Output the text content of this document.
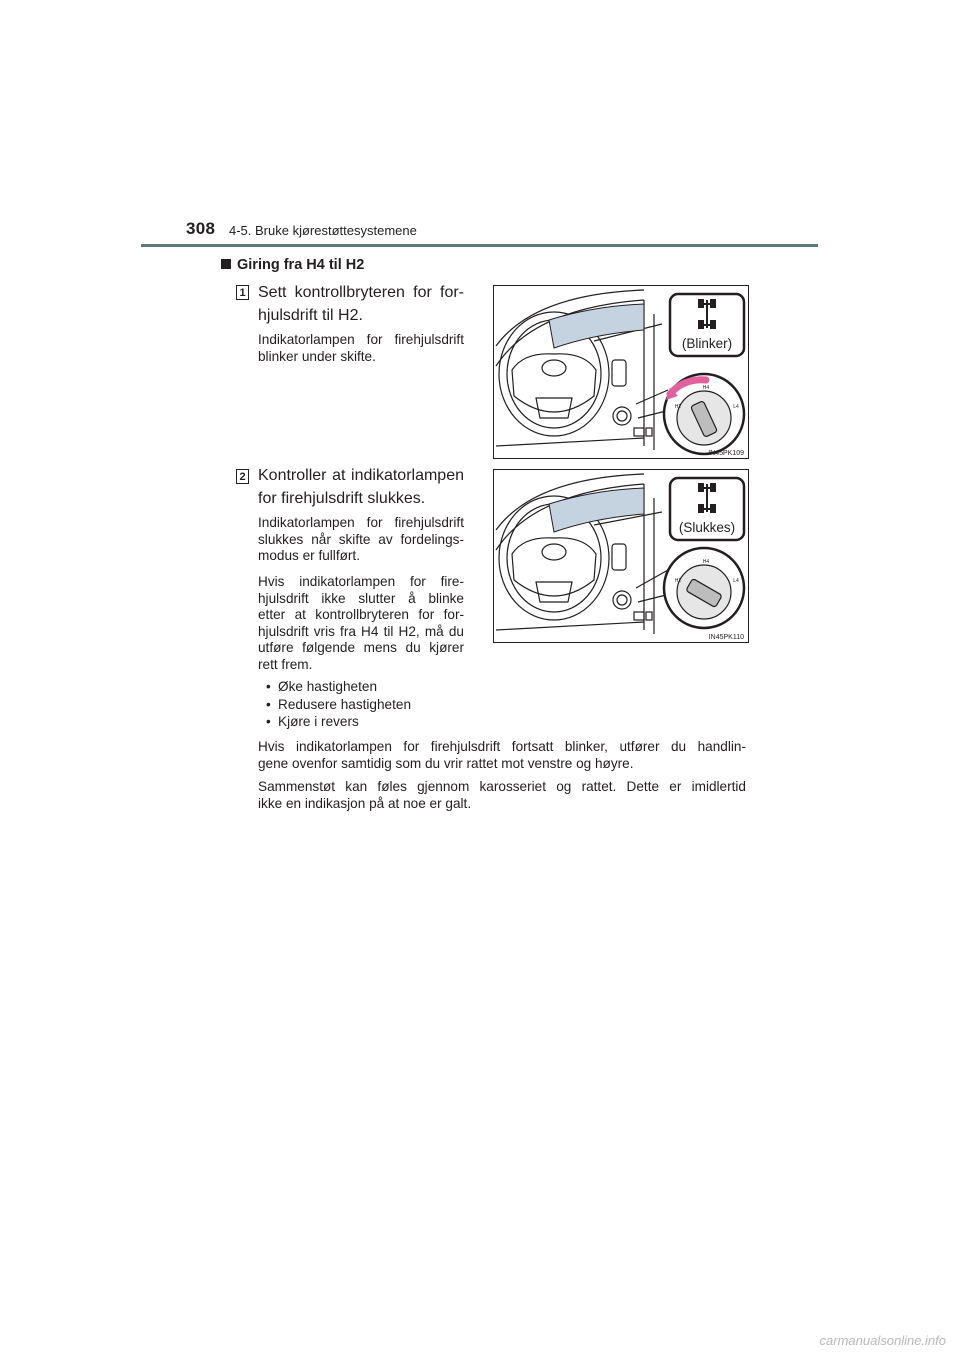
308 4-5. Bruke kjørestøttesystemene
Giring fra H4 til H2
1 Sett kontrollbryteren for for-
hjulsdrift til H2.
Indikatorlampen for firehjulsdrift
blinker under skifte.
(Blinker)
H4
L4
H2
IN45PK109
2 Kontroller at indikatorlampen
for firehjulsdrift slukkes.
Indikatorlampen for firehjulsdrift
slukkes når skifte av fordelings-
modus er fullført.
Hvis indikatorlampen for fire-
hjulsdrift ikke slutter å blinke
etter at kontrollbryteren for for-
hjulsdrift vris fra H4 til H2, må du
utføre følgende mens du kjører
rett frem.
• Øke hastigheten
• Redusere hastigheten
• Kjøre i revers
(Slukkes)
H4
L4
H2
IN45PK110
Hvis indikatorlampen for firehjulsdrift fortsatt blinker, utfører du handlin-
gene ovenfor samtidig som du vrir rattet mot venstre og høyre.
Sammenstøt kan føles gjennom karosseriet og rattet. Dette er imidlertid
ikke en indikasjon på at noe er galt.
carmanualsonline.info
